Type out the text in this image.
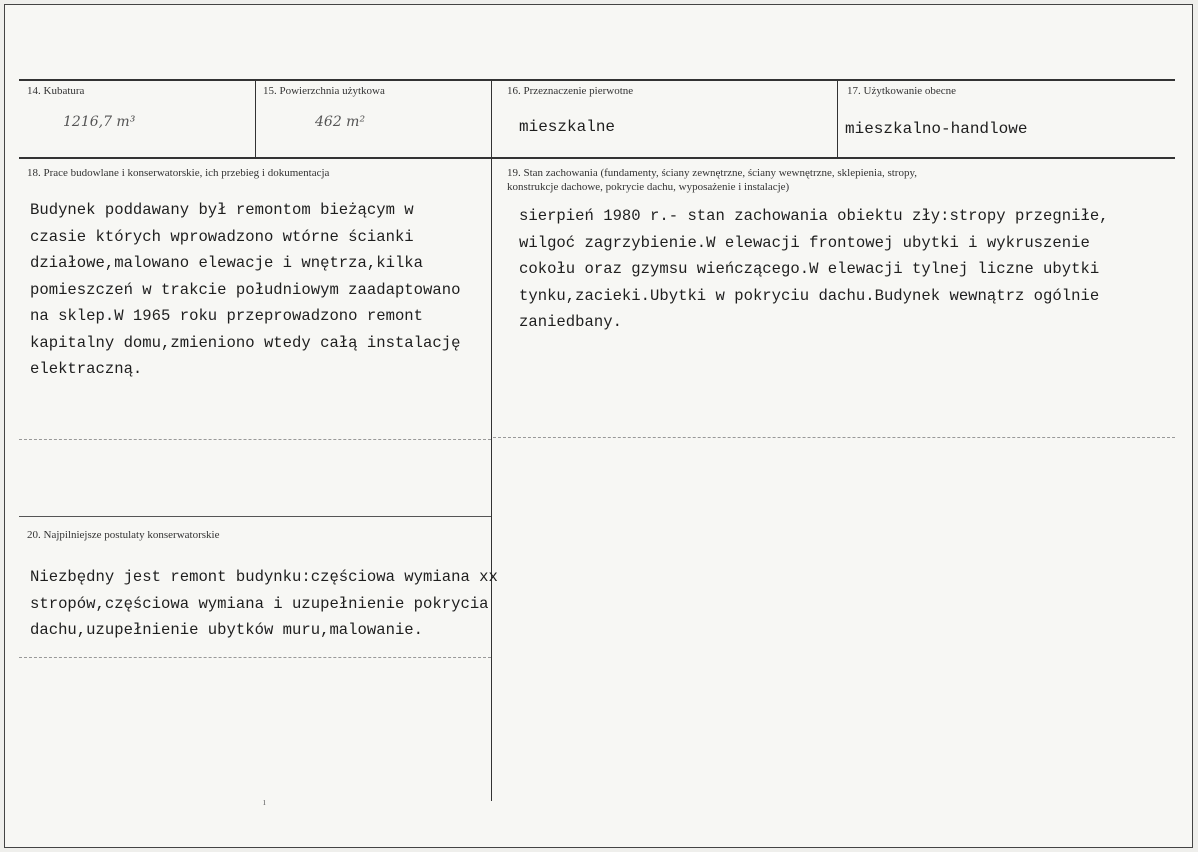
14. Kubatura
1216,7 m³
15. Powierzchnia użytkowa
462 m²
16. Przeznaczenie pierwotne
mieszkalne
17. Użytkowanie obecne
mieszkalno-handlowe
18. Prace budowlane i konserwatorskie, ich przebieg i dokumentacja
Budynek poddawany był remontom bieżącym w
czasie których wprowadzono wtórne ścianki
działowe,malowano elewacje i wnętrza,kilka
pomieszczeń w trakcie południowym zaadaptowano
na sklep.W 1965 roku przeprowadzono remont
kapitalny domu,zmieniono wtedy całą instalację
elektraczną.
19. Stan zachowania (fundamenty, ściany zewnętrzne, ściany wewnętrzne, sklepienia, stropy,
konstrukcje dachowe, pokrycie dachu, wyposażenie i instalacje)
sierpień 1980 r.- stan zachowania obiektu zły:stropy przegniłe,
wilgoć zagrzybienie.W elewacji frontowej ubytki i wykruszenie
cokołu oraz gzymsu wieńczącego.W elewacji tylnej liczne ubytki
tynku,zacieki.Ubytki w pokryciu dachu.Budynek wewnątrz ogólnie
zaniedbany.
20. Najpilniejsze postulaty konserwatorskie
Niezbędny jest remont budynku:częściowa wymiana xx
stropów,częściowa wymiana i uzupełnienie pokrycia
dachu,uzupełnienie ubytków muru,malowanie.
ı
